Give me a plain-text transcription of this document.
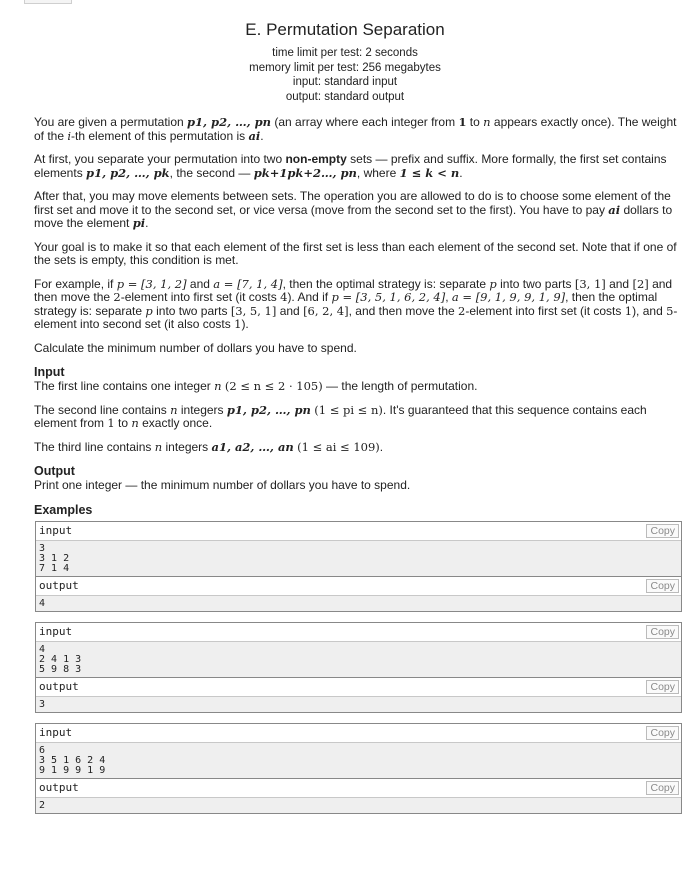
E. Permutation Separation
time limit per test: 2 seconds
memory limit per test: 256 megabytes
input: standard input
output: standard output

You are given a permutation p1, p2, …, pn (an array where each integer from 1 to n appears exactly once). The weight of the i-th element of this permutation is ai.

At first, you separate your permutation into two non-empty sets — prefix and suffix. More formally, the first set contains elements p1, p2, …, pk, the second — pk+1pk+2…, pn, where 1 ≤ k < n.

After that, you may move elements between sets. The operation you are allowed to do is to choose some element of the first set and move it to the second set, or vice versa (move from the second set to the first). You have to pay ai dollars to move the element pi.

Your goal is to make it so that each element of the first set is less than each element of the second set. Note that if one of the sets is empty, this condition is met.

For example, if p = [3, 1, 2] and a = [7, 1, 4], then the optimal strategy is: separate p into two parts [3, 1] and [2] and then move the 2-element into first set (it costs 4). And if p = [3, 5, 1, 6, 2, 4], a = [9, 1, 9, 9, 1, 9], then the optimal strategy is: separate p into two parts [3, 5, 1] and [6, 2, 4], and then move the 2-element into first set (it costs 1), and 5-element into second set (it also costs 1).

Calculate the minimum number of dollars you have to spend.

Input

The first line contains one integer n (2 ≤ n ≤ 2 · 105) — the length of permutation.

The second line contains n integers p1, p2, …, pn (1 ≤ pi ≤ n). It's guaranteed that this sequence contains each element from 1 to n exactly once.

The third line contains n integers a1, a2, …, an (1 ≤ ai ≤ 109).

Output

Print one integer — the minimum number of dollars you have to spend.

Examples
input	Copy
3
3 1 2
7 1 4
output	Copy
4
input	Copy
4
2 4 1 3
5 9 8 3
output	Copy
3
input	Copy
6
3 5 1 6 2 4
9 1 9 9 1 9
output	Copy
2
